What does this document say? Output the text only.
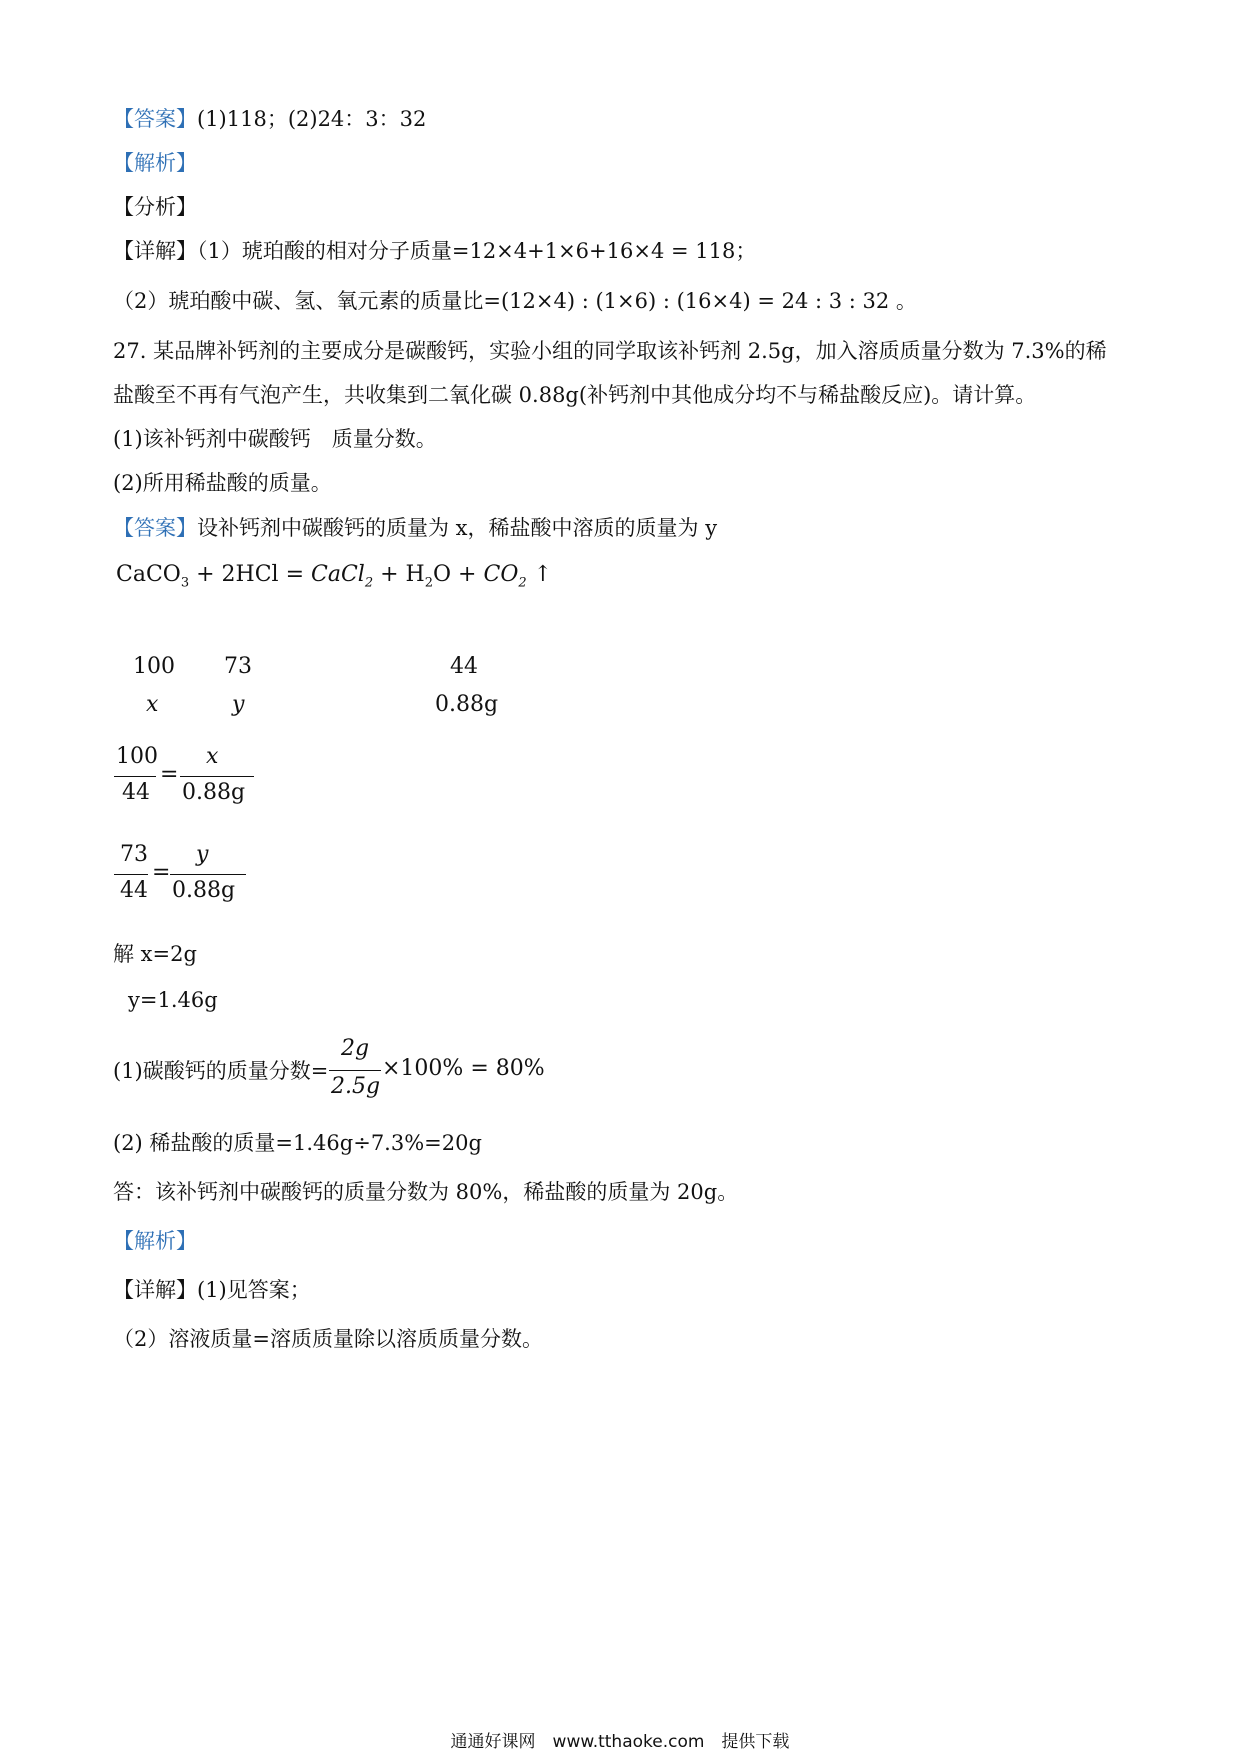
【答案】(1)118；(2)24：3：32
【解析】
【分析】
【详解】（1）琥珀酸的相对分子质量=12×4+1×6+16×4 = 118；
（2）琥珀酸中碳、氢、氧元素的质量比=(12×4) : (1×6) : (16×4) = 24 : 3 : 32 。
27. 某品牌补钙剂的主要成分是碳酸钙，实验小组的同学取该补钙剂 2.5g，加入溶质质量分数为 7.3%的稀
盐酸至不再有气泡产生，共收集到二氧化碳 0.88g(补钙剂中其他成分均不与稀盐酸反应)。请计算。
(1)该补钙剂中碳酸钙　质量分数。
(2)所用稀盐酸的质量。
【答案】设补钙剂中碳酸钙的质量为 x，稀盐酸中溶质的质量为 y
CaCO$_3$ + 2HCl = CaCl$_2$ + $H_2O + CO_2$ ↑
100 73	44
x	y	0.88g
100
44
=
x
0.88g
73
44
=
y
0.88g
解 x=2g
y=1.46g
(1)碳酸钙的质量分数=
2g
2.5g
×100% = 80%
(2) 稀盐酸的质量=1.46g÷7.3%=20g
答：该补钙剂中碳酸钙的质量分数为 80%，稀盐酸的质量为 20g。
【解析】
【详解】(1)见答案；
（2）溶液质量=溶质质量除以溶质质量分数。
通通好课网　www.tthaoke.com　提供下载
